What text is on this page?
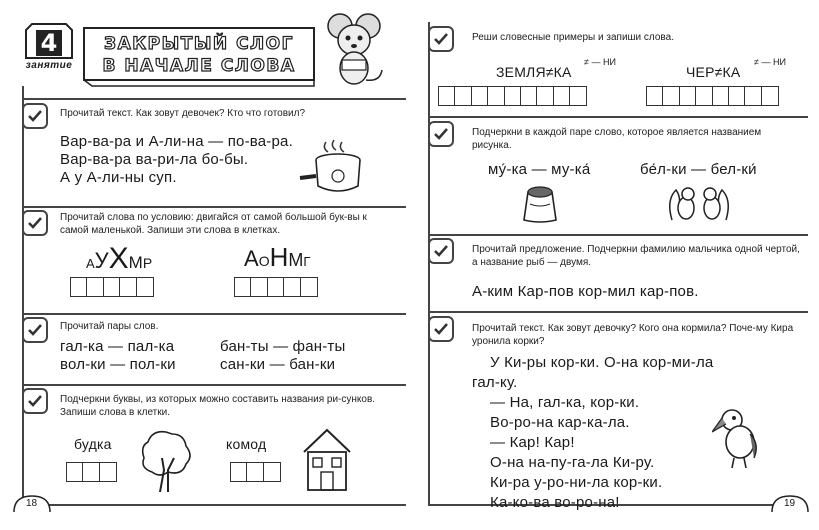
4
занятие
ЗАКРЫТЫЙ СЛОГ
В НАЧАЛЕ СЛОВА
Прочитай текст. Как зовут девочек? Кто что готовил?
Вар-ва-ра и А-ли-на — по-ва-ра.
Вар-ва-ра ва-ри-ла бо-бы.
А у А-ли-ны суп.
Прочитай слова по условию: двигайся от самой большой бук-вы к самой маленькой. Запиши эти слова в клетках.
АУХМР	АОНМГ
Прочитай пары слов.
гал-ка — пал-ка	бан-ты — фан-ты
вол-ки — пол-ки	сан-ки — бан-ки
Подчеркни буквы, из которых можно составить названия ри-сунков. Запиши слова в клетки.
будка	комод
18
Реши словесные примеры и запиши слова.
ЗЕМЛЯ≠КА
≠ — НИ
ЧЕР≠КА
≠ — НИ
Подчеркни в каждой паре слово, которое является названием рисунка.
му́-ка — му-ка́	бе́л-ки — бел-ки́
Прочитай предложение. Подчеркни фамилию мальчика одной чертой, а название рыб — двумя.
А-ким Кар-пов кор-мил кар-пов.
Прочитай текст. Как зовут девочку? Кого она кормила? Поче-му Кира уронила корки?
У Ки-ры кор-ки. О-на кор-ми-ла
гал-ку.
— На, гал-ка, кор-ки.
Во-ро-на кар-ка-ла.
— Кар! Кар!
О-на на-пу-га-ла Ки-ру.
Ки-ра у-ро-ни-ла кор-ки.
Ка-ко-ва во-ро-на!	19
